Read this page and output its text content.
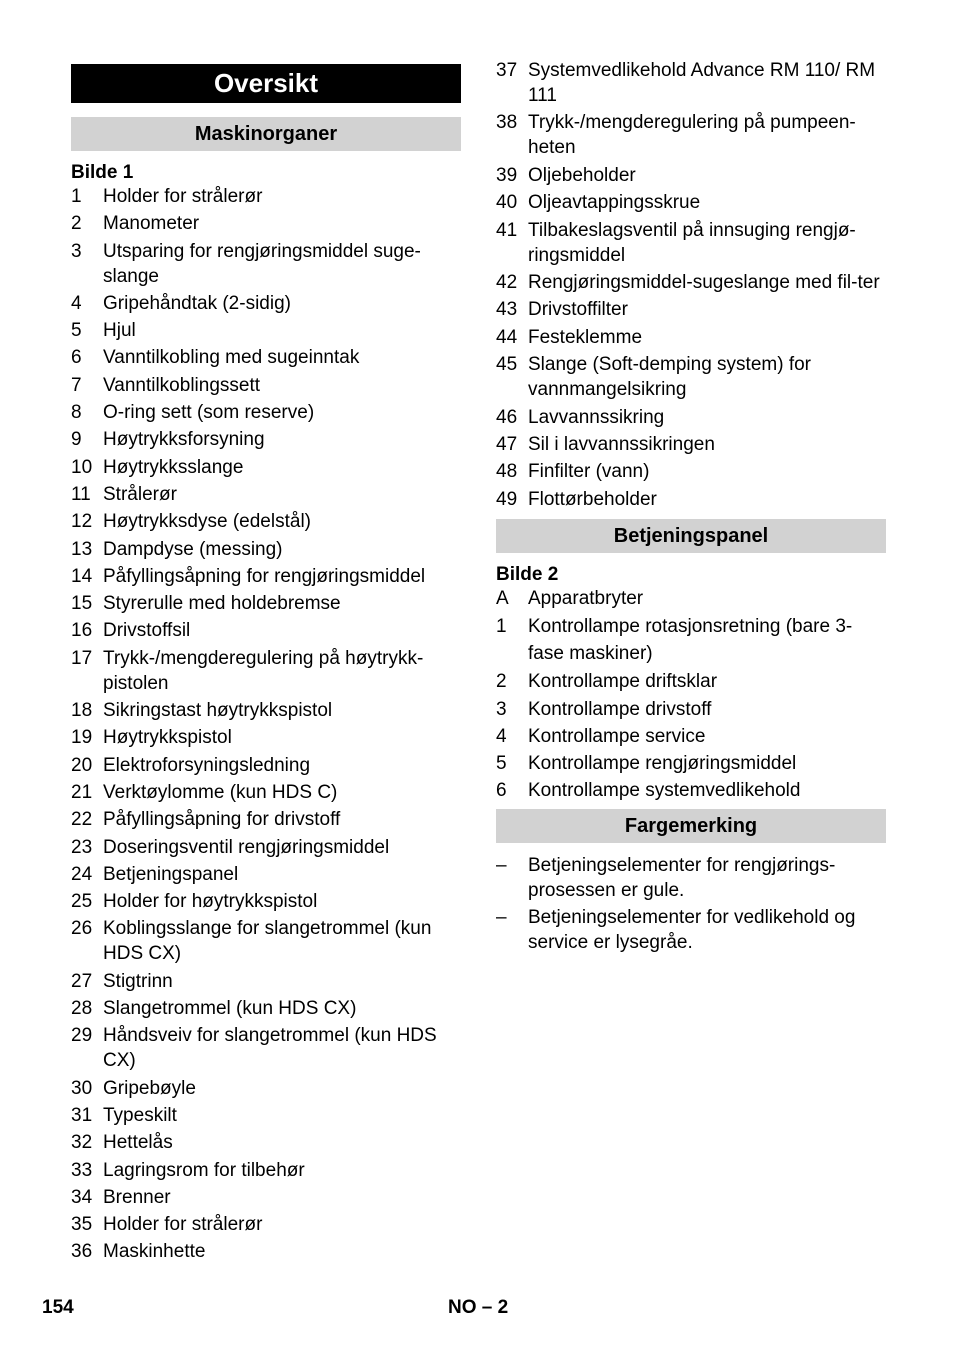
Oversikt
Maskinorganer
Bilde 1
1 Holder for strålerør
2 Manometer
3 Utsparing for rengjøringsmiddel suge-slange
4 Gripehåndtak (2-sidig)
5 Hjul
6 Vanntilkobling med sugeinntak
7 Vanntilkoblingssett
8 O-ring sett (som reserve)
9 Høytrykksforsyning
10 Høytrykksslange
11 Strålerør
12 Høytrykksdyse (edelstål)
13 Dampdyse (messing)
14 Påfyllingsåpning for rengjøringsmiddel
15 Styrerulle med holdebremse
16 Drivstoffsil
17 Trykk-/mengderegulering på høytrykk-pistolen
18 Sikringstast høytrykkspistol
19 Høytrykkspistol
20 Elektroforsyningsledning
21 Verktøylomme (kun HDS C)
22 Påfyllingsåpning for drivstoff
23 Doseringsventil rengjøringsmiddel
24 Betjeningspanel
25 Holder for høytrykkspistol
26 Koblingsslange for slangetrommel (kun HDS CX)
27 Stigtrinn
28 Slangetrommel (kun HDS CX)
29 Håndsveiv for slangetrommel (kun HDS CX)
30 Gripebøyle
31 Typeskilt
32 Hettelås
33 Lagringsrom for tilbehør
34 Brenner
35 Holder for strålerør
36 Maskinhette
37 Systemvedlikehold Advance RM 110/ RM 111
38 Trykk-/mengderegulering på pumpeen-heten
39 Oljebeholder
40 Oljeavtappingsskrue
41 Tilbakeslagsventil på innsuging rengjø-ringsmiddel
42 Rengjøringsmiddel-sugeslange med fil-ter
43 Drivstoffilter
44 Festeklemme
45 Slange (Soft-demping system) for vannmangelsikring
46 Lavvannssikring
47 Sil i lavvannssikringen
48 Finfilter (vann)
49 Flottørbeholder
Betjeningspanel
Bilde 2
A Apparatbryter
1 Kontrollampe rotasjonsretning (bare 3-fase maskiner)
2 Kontrollampe driftsklar
3 Kontrollampe drivstoff
4 Kontrollampe service
5 Kontrollampe rengjøringsmiddel
6 Kontrollampe systemvedlikehold
Fargemerking
– Betjeningselementer for rengjørings-prosessen er gule.
– Betjeningselementer for vedlikehold og service er lysegråe.
154	NO – 2
